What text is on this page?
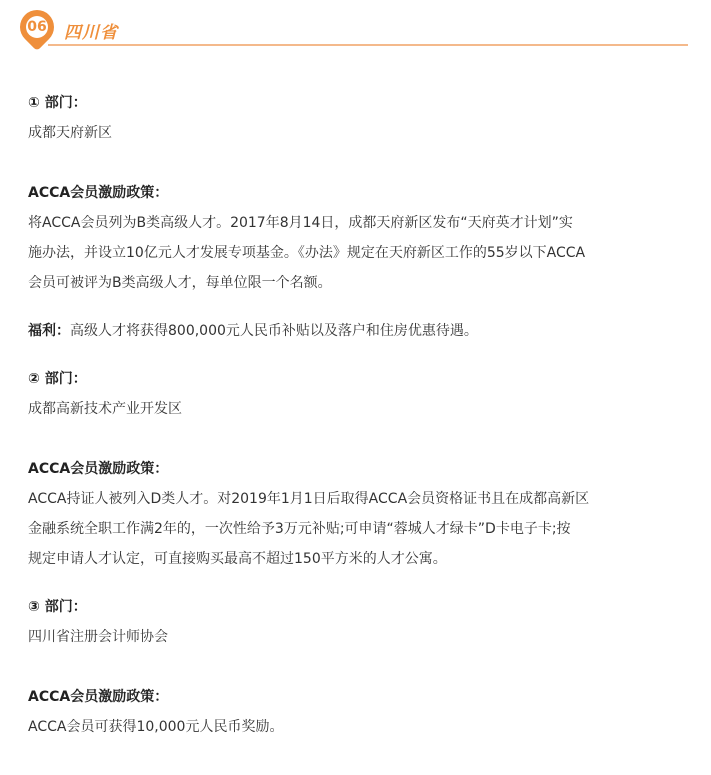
06	四川省

① 部门：

成都天府新区

ACCA会员激励政策：

将ACCA会员列为B类高级人才。2017年8月14日，成都天府新区发布“天府英才计划”实

施办法，并设立10亿元人才发展专项基金。《办法》规定在天府新区工作的55岁以下ACCA

会员可被评为B类高级人才，每单位限一个名额。

福利：高级人才将获得800,000元人民币补贴以及落户和住房优惠待遇。

② 部门：

成都高新技术产业开发区

ACCA会员激励政策：

ACCA持证人被列入D类人才。对2019年1月1日后取得ACCA会员资格证书且在成都高新区

金融系统全职工作满2年的，一次性给予3万元补贴;可申请“蓉城人才绿卡”D卡电子卡;按

规定申请人才认定，可直接购买最高不超过150平方米的人才公寓。

③ 部门：

四川省注册会计师协会

ACCA会员激励政策：

ACCA会员可获得10,000元人民币奖励。
